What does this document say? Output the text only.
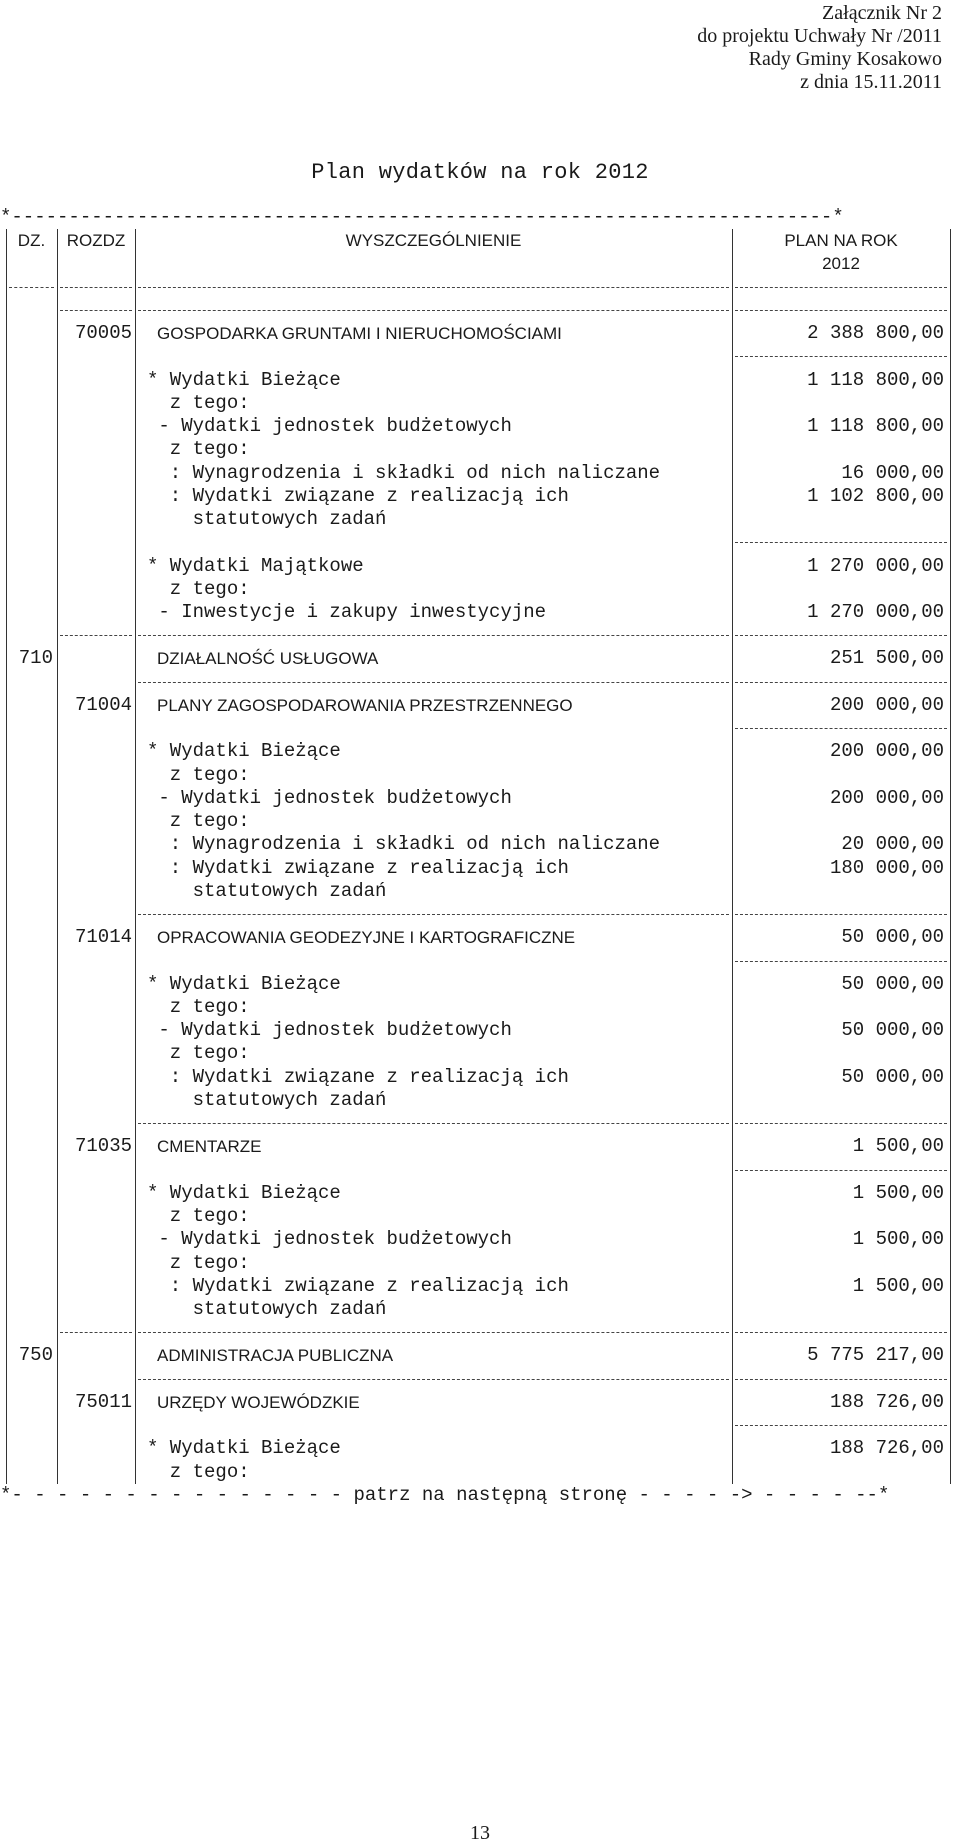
Załącznik Nr 2
do projektu Uchwały Nr /2011
Rady Gminy Kosakowo
z dnia 15.11.2011
Plan wydatków na rok 2012
*------------------------------------------------------------------------*
DZ.	ROZDZ	WYSZCZEGÓLNIENIE	PLAN NA ROK
2012
70005 GOSPODARKA GRUNTAMI I NIERUCHOMOŚCIAMI	2 388 800,00
* Wydatki Bieżące	1 118 800,00
z tego:
- Wydatki jednostek budżetowych	1 118 800,00
z tego:
: Wynagrodzenia i składki od nich naliczane	16 000,00
: Wydatki związane z realizacją ich	1 102 800,00
statutowych zadań
* Wydatki Majątkowe	1 270 000,00
z tego:
- Inwestycje i zakupy inwestycyjne	1 270 000,00
710	DZIAŁALNOŚĆ USŁUGOWA	251 500,00
71004 PLANY ZAGOSPODAROWANIA PRZESTRZENNEGO	200 000,00
* Wydatki Bieżące	200 000,00
z tego:
- Wydatki jednostek budżetowych	200 000,00
z tego:
: Wynagrodzenia i składki od nich naliczane	20 000,00
: Wydatki związane z realizacją ich	180 000,00
statutowych zadań
71014 OPRACOWANIA GEODEZYJNE I KARTOGRAFICZNE	50 000,00
* Wydatki Bieżące	50 000,00
z tego:
- Wydatki jednostek budżetowych	50 000,00
z tego:
: Wydatki związane z realizacją ich	50 000,00
statutowych zadań
71035 CMENTARZE	1 500,00
* Wydatki Bieżące	1 500,00
z tego:
- Wydatki jednostek budżetowych	1 500,00
z tego:
: Wydatki związane z realizacją ich	1 500,00
statutowych zadań
750	ADMINISTRACJA PUBLICZNA	5 775 217,00
75011 URZĘDY WOJEWÓDZKIE	188 726,00
* Wydatki Bieżące	188 726,00
z tego:
*- - - - - - - - - - - - - - - patrz na następną stronę - - - - -> - - - - --*
13
